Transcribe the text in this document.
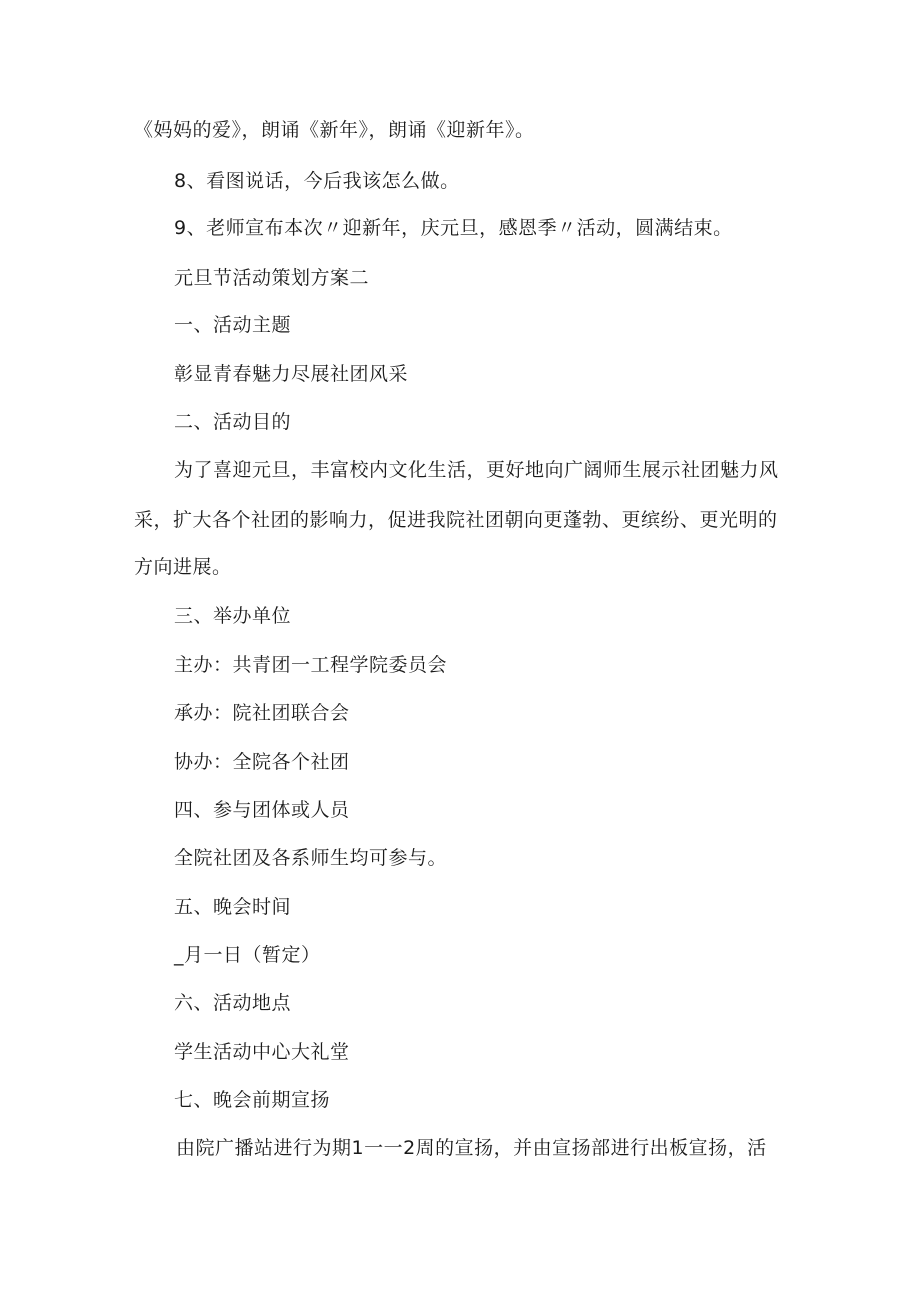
《妈妈的爱》，朗诵《新年》，朗诵《迎新年》。
8、看图说话，今后我该怎么做。
9、老师宣布本次〃迎新年，庆元旦，感恩季〃活动，圆满结束。
元旦节活动策划方案二
一、活动主题
彰显青春魅力尽展社团风采
二、活动目的
为了喜迎元旦，丰富校内文化生活，更好地向广阔师生展示社团魅力风
采，扩大各个社团的影响力，促进我院社团朝向更蓬勃、更缤纷、更光明的
方向进展。
三、举办单位
主办：共青团一工程学院委员会
承办：院社团联合会
协办：全院各个社团
四、参与团体或人员
全院社团及各系师生均可参与。
五、晚会时间
_月一日（暂定）
六、活动地点
学生活动中心大礼堂
七、晚会前期宣扬
由院广播站进行为期1一一2周的宣扬，并由宣扬部进行出板宣扬，活
